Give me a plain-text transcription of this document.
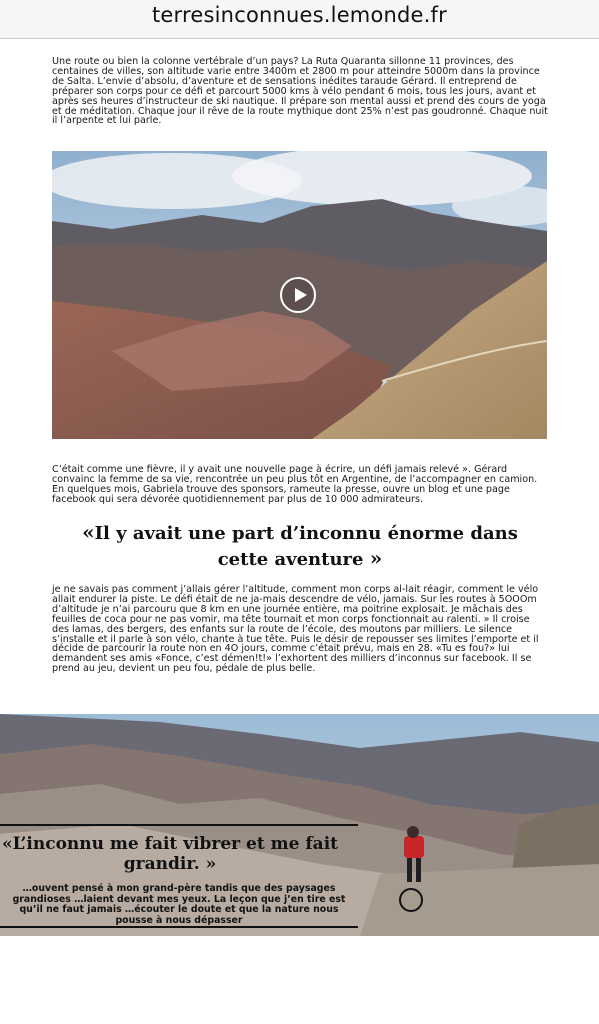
terresinconnues.lemonde.fr

Une route ou bien la colonne vertébrale d’un pays? La Ruta Quaranta sillonne 11 provinces, des centaines de villes, son altitude varie entre 3400m et 2800 m pour atteindre 5000m dans la province de Salta. L’envie d’absolu, d’aventure et de sensations inédites taraude Gérard. Il entreprend de préparer son corps pour ce défi et parcourt 5000 kms à vélo pendant 6 mois, tous les jours, avant et après ses heures d’instructeur de ski nautique. Il prépare son mental aussi et prend des cours de yoga et de méditation. Chaque jour il rêve de la route mythique dont 25% n’est pas goudronné. Chaque nuit il l’arpente et lui parle.

C’était comme une fièvre, il y avait une nouvelle page à écrire, un défi jamais relevé ». Gérard convainc la femme de sa vie, rencontrée un peu plus tôt en Argentine, de l’accompagner en camion. En quelques mois, Gabriela trouve des sponsors, rameute la presse, ouvre un blog et une page facebook qui sera dévorée quotidiennement par plus de 10 000 admirateurs.

«Il y avait une part d’inconnu énorme dans cette aventure »

je ne savais pas comment j’allais gérer l’altitude, comment mon corps al-lait réagir, comment le vélo allait endurer la piste. Le défi était de ne ja-mais descendre de vélo, jamais. Sur les routes à 5OOOm d’altitude je n’ai parcouru que 8 km en une journée entière, ma poitrine explosait. Je mâchais des feuilles de coca pour ne pas vomir, ma tête tournait et mon corps fonctionnait au ralenti. » Il croise des lamas, des bergers, des enfants sur la route de l’école, des moutons par milliers. Le silence s’installe et il parle à son vélo, chante à tue tête. Puis le désir de repousser ses limites l’emporte et il décide de parcourir la route non en 4O jours, comme c’était prévu, mais en 28. «Tu es fou?» lui demandent ses amis «Fonce, c’est démen!t!» l’exhortent des milliers d’inconnus sur facebook. Il se prend au jeu, devient un peu fou, pédale de plus belle.

«L’inconnu me fait vibrer et me fait grandir. »

…ouvent pensé à mon grand-père tandis que des paysages grandioses …laient devant mes yeux. La leçon que j’en tire est qu’il ne faut jamais …écouter le doute et que la nature nous pousse à nous dépasser
